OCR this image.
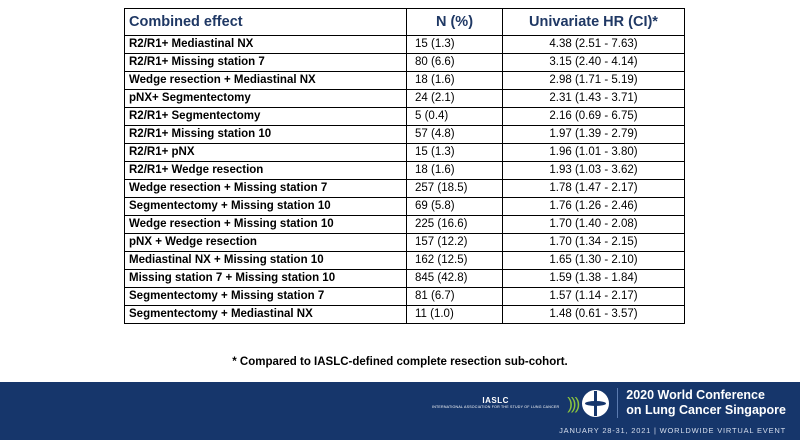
Combined effect	N (%)	Univariate HR (CI)*
R2/R1+ Mediastinal NX	15 (1.3)	4.38 (2.51 - 7.63)
R2/R1+ Missing station 7	80 (6.6)	3.15 (2.40 - 4.14)
Wedge resection + Mediastinal NX	18 (1.6)	2.98 (1.71 - 5.19)
pNX+ Segmentectomy	24 (2.1)	2.31 (1.43 - 3.71)
R2/R1+ Segmentectomy	5 (0.4)	2.16 (0.69 - 6.75)
R2/R1+ Missing station 10	57 (4.8)	1.97 (1.39 - 2.79)
R2/R1+ pNX	15 (1.3)	1.96 (1.01 - 3.80)
R2/R1+ Wedge resection	18 (1.6)	1.93 (1.03 - 3.62)
Wedge resection + Missing station 7	257 (18.5)	1.78 (1.47 - 2.17)
Segmentectomy + Missing station 10	69 (5.8)	1.76 (1.26 - 2.46)
Wedge resection + Missing station 10	225 (16.6)	1.70 (1.40 - 2.08)
pNX + Wedge resection	157 (12.2)	1.70 (1.34 - 2.15)
Mediastinal NX + Missing station 10	162 (12.5)	1.65 (1.30 - 2.10)
Missing station 7 + Missing station 10	845 (42.8)	1.59 (1.38 - 1.84)
Segmentectomy + Missing station 7	81 (6.7)	1.57 (1.14 - 2.17)
Segmentectomy + Mediastinal NX	11 (1.0)	1.48 (0.61 - 3.57)
* Compared to IASLC-defined complete resection sub-cohort.
IASLC
INTERNATIONAL ASSOCIATION FOR THE STUDY OF LUNG CANCER )))	2020 World Conference
on Lung Cancer Singapore
JANUARY 28-31, 2021 | WORLDWIDE VIRTUAL EVENT
